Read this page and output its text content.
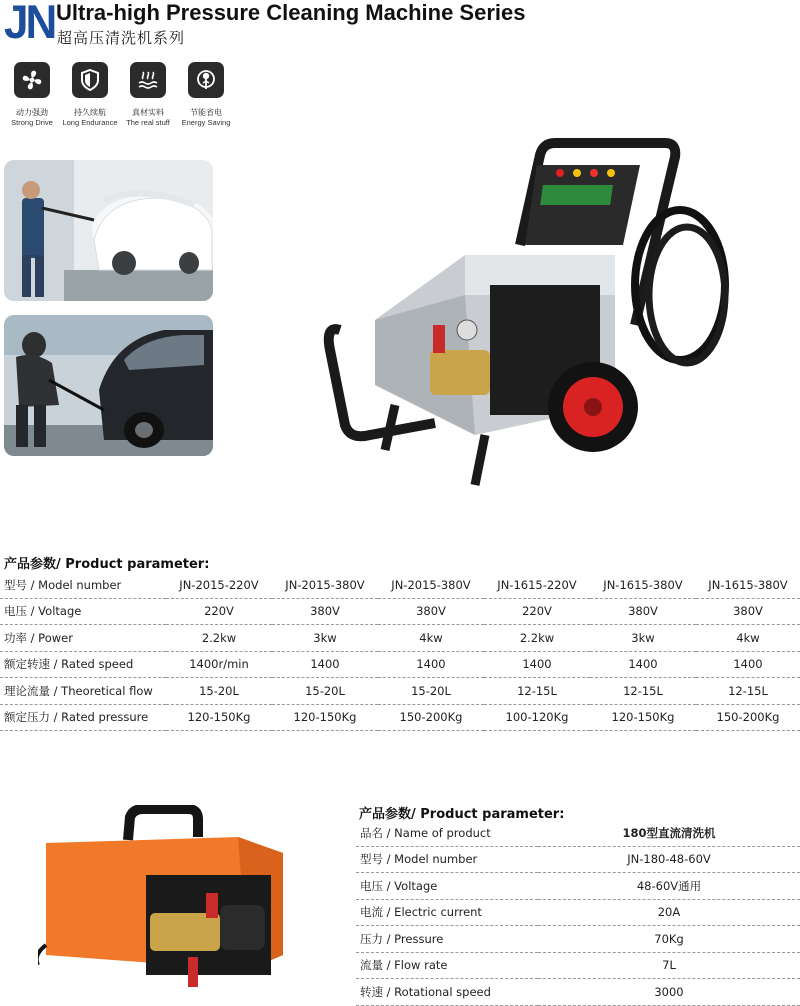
JN Ultra-high Pressure Cleaning Machine Series
超高压清洗机系列
动力强劲
Strong Drive
持久续航
Long Endurance
真材实料
The real stuff
节能省电
Energy Saving
产品参数/ Product parameter:
型号 / Model number	JN-2015-220V	JN-2015-380V	JN-2015-380V	JN-1615-220V	JN-1615-380V	JN-1615-380V
电压 / Voltage	220V	380V	380V	220V	380V	380V
功率 / Power	2.2kw	3kw	4kw	2.2kw	3kw	4kw
额定转速 / Rated speed	1400r/min	1400	1400	1400	1400	1400
理论流量 / Theoretical flow	15-20L	15-20L	15-20L	12-15L	12-15L	12-15L
额定压力 / Rated pressure	120-150Kg	120-150Kg	150-200Kg	100-120Kg	120-150Kg	150-200Kg
产品参数/ Product parameter:
品名 / Name of product	180型直流清洗机
型号 / Model number	JN-180-48-60V
电压 / Voltage	48-60V通用
电流 / Electric current	20A
压力 / Pressure	70Kg
流量 / Flow rate	7L
转速 / Rotational speed	3000
